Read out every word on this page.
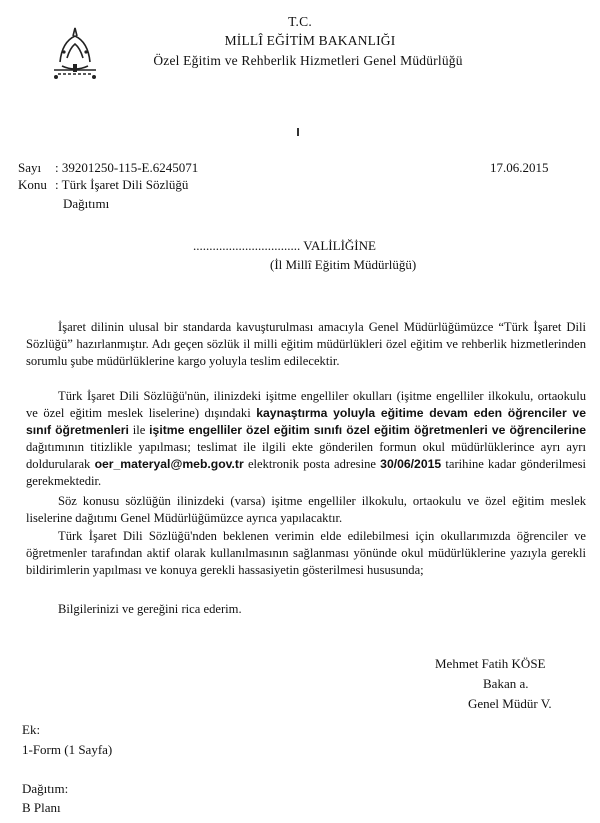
T.C.
MİLLÎ EĞİTİM BAKANLIĞI
Özel Eğitim ve Rehberlik Hizmetleri Genel Müdürlüğü
Sayı : 39201250-115-E.6245071	17.06.2015
Konu : Türk İşaret Dili Sözlüğü
Dağıtımı
................................. VALİLİĞİNE
(İl Millî Eğitim Müdürlüğü)

İşaret dilinin ulusal bir standarda kavuşturulması amacıyla Genel Müdürlüğümüzce “Türk İşaret Dili Sözlüğü” hazırlanmıştır. Adı geçen sözlük il milli eğitim müdürlükleri özel eğitim ve rehberlik hizmetlerinden sorumlu şube müdürlüklerine kargo yoluyla teslim edilecektir.

Türk İşaret Dili Sözlüğü'nün, ilinizdeki işitme engelliler okulları (işitme engelliler ilkokulu, ortaokulu ve özel eğitim meslek liselerine) dışındaki kaynaştırma yoluyla eğitime devam eden öğrenciler ve sınıf öğretmenleri ile işitme engelliler özel eğitim sınıfı özel eğitim öğretmenleri ve öğrencilerine dağıtımının titizlikle yapılması; teslimat ile ilgili ekte gönderilen formun okul müdürlüklerince ayrı ayrı doldurularak oer_materyal@meb.gov.tr elektronik posta adresine 30/06/2015 tarihine kadar gönderilmesi gerekmektedir.

Söz konusu sözlüğün ilinizdeki (varsa) işitme engelliler ilkokulu, ortaokulu ve özel eğitim meslek liselerine dağıtımı Genel Müdürlüğümüzce ayrıca yapılacaktır.

Türk İşaret Dili Sözlüğü'nden beklenen verimin elde edilebilmesi için okullarımızda öğrenciler ve öğretmenler tarafından aktif olarak kullanılmasının sağlanması yönünde okul müdürlüklerine yazıyla gerekli bildirimlerin yapılması ve konuya gerekli hassasiyetin gösterilmesi hususunda;

Bilgilerinizi ve gereğini rica ederim.

Mehmet Fatih KÖSE
Bakan a.
Genel Müdür V.
Ek:
1-Form (1 Sayfa)
Dağıtım:
B Planı
